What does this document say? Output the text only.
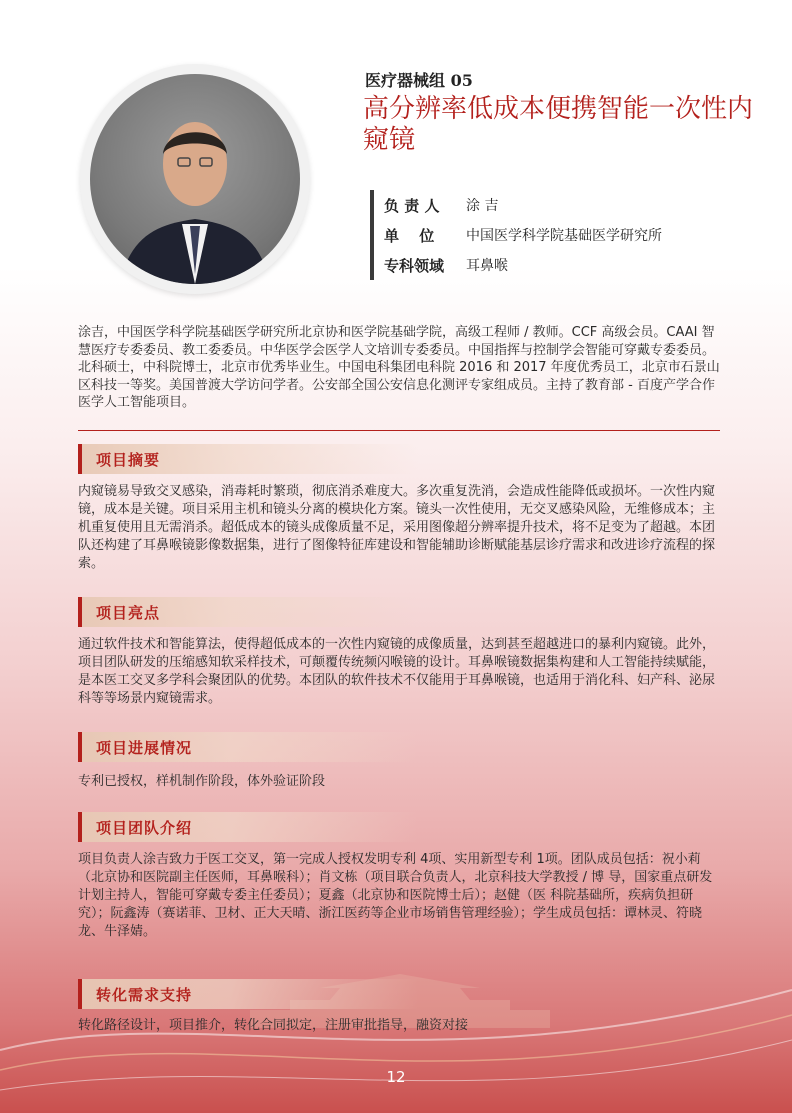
医疗器械组 05
高分辨率低成本便携智能一次性内窥镜
负 责 人	涂 吉
单　 位	中国医学科学院基础医学研究所
专科领域	耳鼻喉
涂吉，中国医学科学院基础医学研究所北京协和医学院基础学院，高级工程师 / 教师。CCF 高级会员。CAAI 智慧医疗专委委员、教工委委员。中华医学会医学人文培训专委委员。中国指挥与控制学会智能可穿戴专委委员。北科硕士，中科院博士，北京市优秀毕业生。中国电科集团电科院 2016 和 2017 年度优秀员工，北京市石景山区科技一等奖。美国普渡大学访问学者。公安部全国公安信息化测评专家组成员。主持了教育部 - 百度产学合作医学人工智能项目。
项目摘要
内窥镜易导致交叉感染，消毒耗时繁琐，彻底消杀难度大。多次重复洗消，会造成性能降低或损坏。一次性内窥镜，成本是关键。项目采用主机和镜头分离的模块化方案。镜头一次性使用，无交叉感染风险，无维修成本；主机重复使用且无需消杀。超低成本的镜头成像质量不足，采用图像超分辨率提升技术，将不足变为了超越。本团队还构建了耳鼻喉镜影像数据集，进行了图像特征库建设和智能辅助诊断赋能基层诊疗需求和改进诊疗流程的探索。
项目亮点
通过软件技术和智能算法，使得超低成本的一次性内窥镜的成像质量，达到甚至超越进口的暴利内窥镜。此外，项目团队研发的压缩感知软采样技术，可颠覆传统频闪喉镜的设计。耳鼻喉镜数据集构建和人工智能持续赋能，是本医工交叉多学科会聚团队的优势。本团队的软件技术不仅能用于耳鼻喉镜，也适用于消化科、妇产科、泌尿科等等场景内窥镜需求。
项目进展情况
专利已授权，样机制作阶段，体外验证阶段
项目团队介绍
项目负责人涂吉致力于医工交叉，第一完成人授权发明专利 4项、实用新型专利 1项。团队成员包括：祝小莉（北京协和医院副主任医师，耳鼻喉科）；肖文栋（项目联合负责人，北京科技大学教授 / 博 导，国家重点研发计划主持人，智能可穿戴专委主任委员）；夏鑫（北京协和医院博士后）；赵健（医 科院基础所，疾病负担研究）；阮鑫涛（赛诺菲、卫材、正大天晴、浙江医药等企业市场销售管理经验）；学生成员包括：谭林灵、符晓龙、牛泽婧。
转化需求支持
转化路径设计，项目推介，转化合同拟定，注册审批指导，融资对接
12
